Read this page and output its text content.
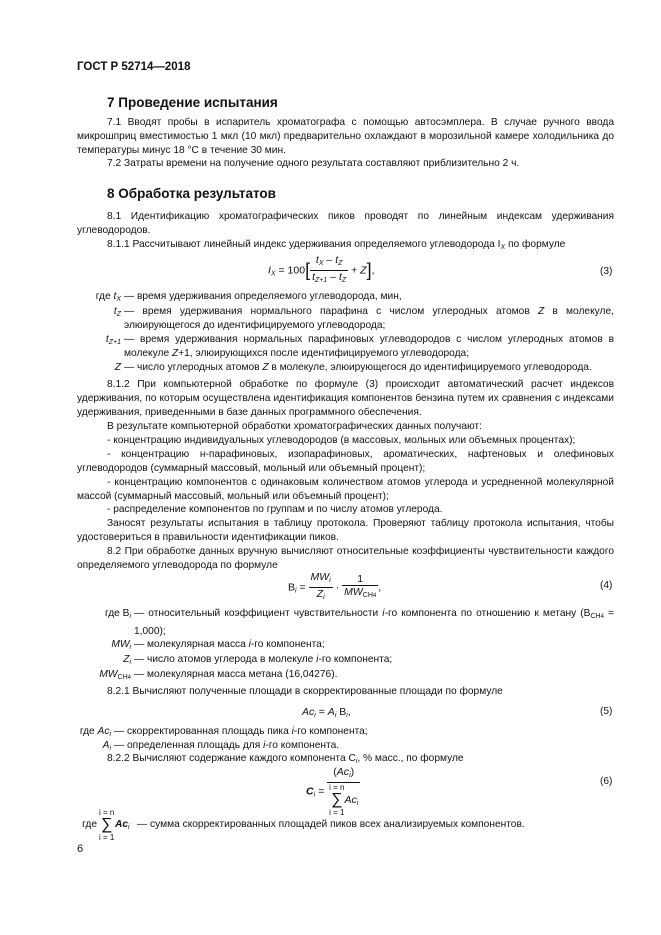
ГОСТ Р 52714—2018
7 Проведение испытания
7.1 Вводят пробы в испаритель хроматографа с помощью автосэмплера. В случае ручного ввода микрошприц вместимостью 1 мкл (10 мкл) предварительно охлаждают в морозильной камере холодильника до температуры минус 18 °С в течение 30 мин.
7.2 Затраты времени на получение одного результата составляют приблизительно 2 ч.
8 Обработка результатов
8.1 Идентификацию хроматографических пиков проводят по линейным индексам удерживания углеводородов.
8.1.1 Рассчитывают линейный индекс удерживания определяемого углеводорода $I_X$ по формуле
$I_X = 100[ \frac{t_X - t_Z}{t_{Z+1} - t_Z} + Z]$,	(3)
где $t_X$ — время удерживания определяемого углеводорода, мин,
$t_Z$ — время удерживания нормального парафина с числом углеродных атомов Z в молекуле, элюирующегося до идентифицируемого углеводорода;
$t_{Z+1}$ — время удерживания нормальных парафиновых углеводородов с числом углеродных атомов в молекуле Z+1, элюирующихся после идентифицируемого углеводорода;
Z — число углеродных атомов Z в молекуле, элюирующегося до идентифицируемого углеводорода.
8.1.2 При компьютерной обработке по формуле (3) происходит автоматический расчет индексов удерживания, по которым осуществлена идентификация компонентов бензина путем их сравнения с индексами удерживания, приведенными в базе данных программного обеспечения.
В результате компьютерной обработки хроматографических данных получают:
- концентрацию индивидуальных углеводородов (в массовых, мольных или объемных процентах);
- концентрацию н-парафиновых, изопарафиновых, ароматических, нафтеновых и олефиновых углеводородов (суммарный массовый, мольный или объемный процент);
- концентрацию компонентов с одинаковым количеством атомов углерода и усредненной молекулярной массой (суммарный массовый, мольный или объемный процент);
- распределение компонентов по группам и по числу атомов углерода.
Заносят результаты испытания в таблицу протокола. Проверяют таблицу протокола испытания, чтобы удостовериться в правильности идентификации пиков.
8.2 При обработке данных вручную вычисляют относительные коэффициенты чувствительности каждого определяемого углеводорода по формуле
$B_i = \frac{MW_i}{Z_i} \cdot \frac{1}{MW_{CH4}}$ ,	(4)
где $B_i$ — относительный коэффициент чувствительности i-го компонента по отношению к метану $(B_{CH4} = 1,000)$;
$MW_i$ — молекулярная масса i-го компонента;
$Z_i$ — число атомов углерода в молекуле i-го компонента;
$MW_{CH4}$ — молекулярная масса метана (16,04276).
8.2.1 Вычисляют полученные площади в скорректированные площади по формуле
$Ac_i = A_i$ $B_i$,	(5)
где $Ac_i$ — скорректированная площадь пика i-го компонента;
$A_i$ — определенная площадь для i-го компонента.
8.2.2 Вычисляют содержание каждого компонента $C_i$, % масс., по формуле
$C_i = (Ac_i)$
i = n
∑
$i = 1Ac_i$	(6)
где
i = n
∑
i = 1
$Ac_i$ — сумма скорректированных площадей пиков всех анализируемых компонентов.
6
